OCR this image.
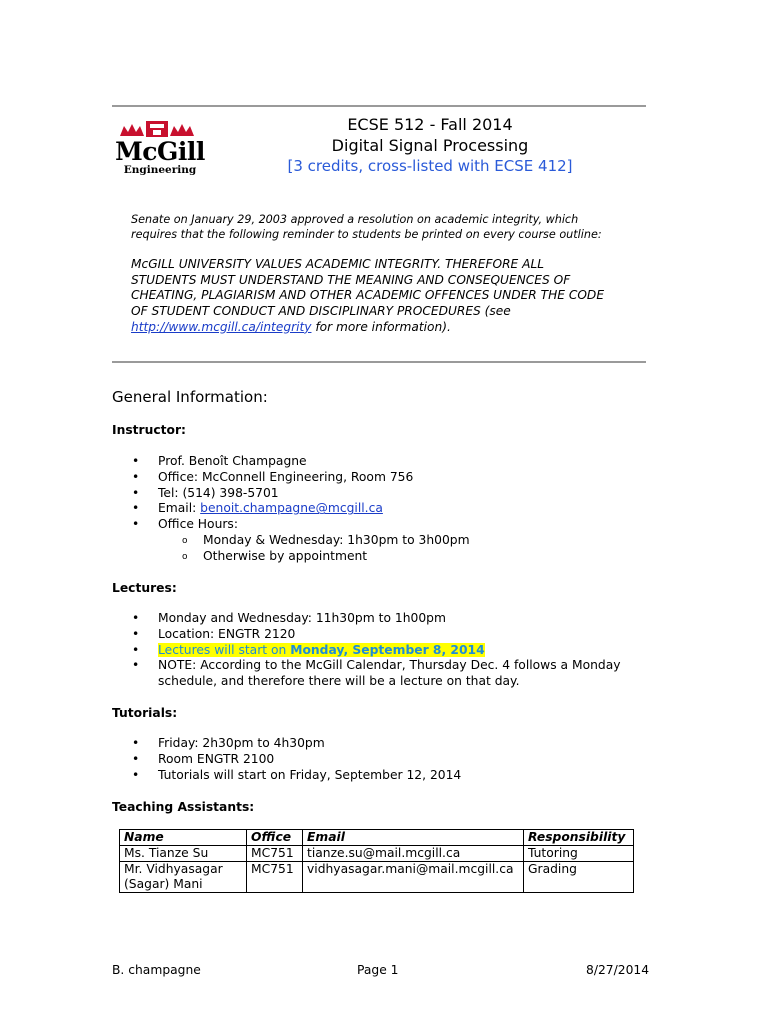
McGill
Engineering
ECSE 512 - Fall 2014
Digital Signal Processing
[3 credits, cross-listed with ECSE 412]
Senate on January 29, 2003 approved a resolution on academic integrity, which
requires that the following reminder to students be printed on every course outline:
McGILL UNIVERSITY VALUES ACADEMIC INTEGRITY. THEREFORE ALL
STUDENTS MUST UNDERSTAND THE MEANING AND CONSEQUENCES OF
CHEATING, PLAGIARISM AND OTHER ACADEMIC OFFENCES UNDER THE CODE
OF STUDENT CONDUCT AND DISCIPLINARY PROCEDURES (see
http://www.mcgill.ca/integrity for more information).
General Information:
Instructor:
• Prof. Benoît Champagne
• Office: McConnell Engineering, Room 756
• Tel: (514) 398-5701
• Email: benoit.champagne@mcgill.ca
• Office Hours:
o Monday & Wednesday: 1h30pm to 3h00pm
o Otherwise by appointment
Lectures:
• Monday and Wednesday: 11h30pm to 1h00pm
• Location: ENGTR 2120
• Lectures will start on Monday, September 8, 2014
• NOTE: According to the McGill Calendar, Thursday Dec. 4 follows a Monday
schedule, and therefore there will be a lecture on that day.
Tutorials:
• Friday: 2h30pm to 4h30pm
• Room ENGTR 2100
• Tutorials will start on Friday, September 12, 2014
Teaching Assistants:
Name	Office	Email	Responsibility
Ms. Tianze Su	MC751	tianze.su@mail.mcgill.ca	Tutoring

Mr. Vidhyasagar
(Sagar) Mani	MC751	vidhyasagar.mani@mail.mcgill.ca	Grading
B. champagne	Page 1	8/27/2014
